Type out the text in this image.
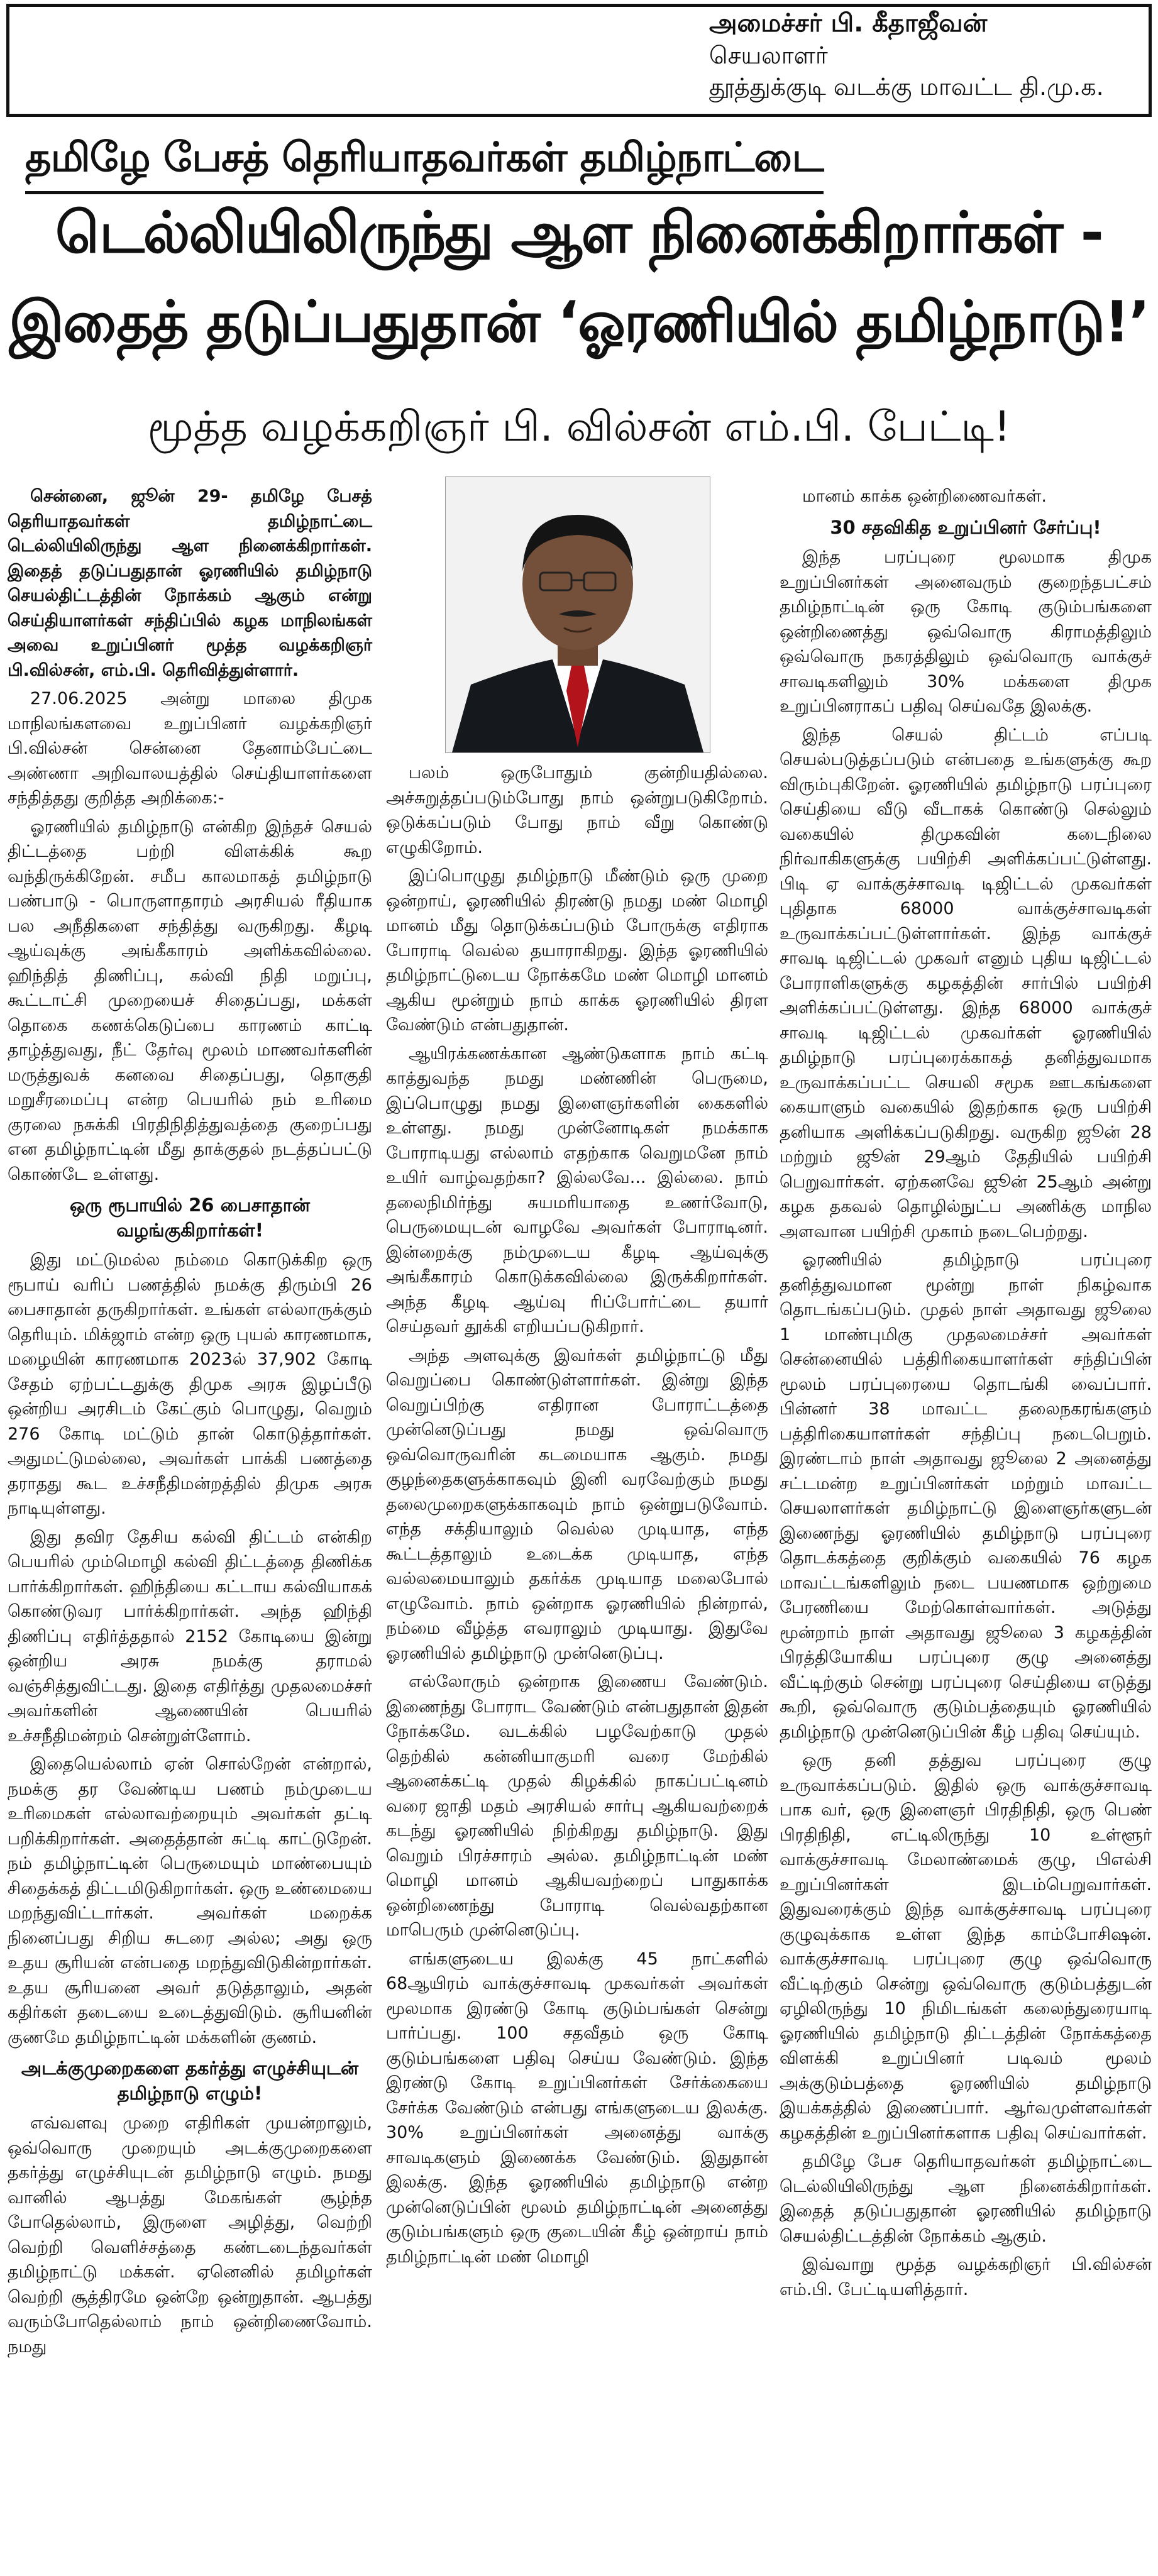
அமைச்சர் பி. கீதாஜீவன்
செயலாளர்
தூத்துக்குடி வடக்கு மாவட்ட தி.மு.க.
தமிழே பேசத் தெரியாதவர்கள் தமிழ்நாட்டை
டெல்லியிலிருந்து ஆள நினைக்கிறார்கள் -
இதைத் தடுப்பதுதான் ‘ஓரணியில் தமிழ்நாடு!’
மூத்த வழக்கறிஞர் பி. வில்சன் எம்.பி. பேட்டி!

சென்னை, ஜூன் 29- தமிழே பேசத் தெரியாதவர்கள் தமிழ்நாட்டை டெல்லியிலிருந்து ஆள நினைக்கிறார்கள். இதைத் தடுப்பதுதான் ஓரணியில் தமிழ்நாடு செயல்திட்டத்தின் நோக்கம் ஆகும் என்று செய்தியாளர்கள் சந்திப்பில் கழக மாநிலங்கள் அவை உறுப்பினர் மூத்த வழக்கறிஞர் பி.வில்சன், எம்.பி. தெரிவித்துள்ளார்.

27.06.2025 அன்று மாலை திமுக மாநிலங்களவை உறுப்பினர் வழக்கறிஞர் பி.வில்சன் சென்னை தேனாம்பேட்டை அண்ணா அறிவாலயத்தில் செய்தியாளர்களை சந்தித்தது குறித்த அறிக்கை:-

ஓரணியில் தமிழ்நாடு என்கிற இந்தச் செயல் திட்டத்தை பற்றி விளக்கிக் கூற வந்திருக்கிறேன். சமீப காலமாகத் தமிழ்நாடு பண்பாடு - பொருளாதாரம் அரசியல் ரீதியாக பல அநீதிகளை சந்தித்து வருகிறது. கீழடி ஆய்வுக்கு அங்கீகாரம் அளிக்கவில்லை. ஹிந்தித் திணிப்பு, கல்வி நிதி மறுப்பு, கூட்டாட்சி முறையைச் சிதைப்பது, மக்கள் தொகை கணக்கெடுப்பை காரணம் காட்டி தாழ்த்துவது, நீட் தேர்வு மூலம் மாணவர்களின் மருத்துவக் கனவை சிதைப்பது, தொகுதி மறுசீரமைப்பு என்ற பெயரில் நம் உரிமை குரலை நசுக்கி பிரதிநிதித்துவத்தை குறைப்பது என தமிழ்நாட்டின் மீது தாக்குதல் நடத்தப்பட்டு கொண்டே உள்ளது.

ஒரு ரூபாயில் 26 பைசாதான் வழங்குகிறார்கள்!

இது மட்டுமல்ல நம்மை கொடுக்கிற ஒரு ரூபாய் வரிப் பணத்தில் நமக்கு திரும்பி 26 பைசாதான் தருகிறார்கள். உங்கள் எல்லாருக்கும் தெரியும். மிக்ஜாம் என்ற ஒரு புயல் காரணமாக, மழையின் காரணமாக 2023ல் 37,902 கோடி சேதம் ஏற்பட்டதுக்கு திமுக அரசு இழப்பீடு ஒன்றிய அரசிடம் கேட்கும் பொழுது, வெறும் 276 கோடி மட்டும் தான் கொடுத்தார்கள். அதுமட்டுமல்லை, அவர்கள் பாக்கி பணத்தை தராதது கூட உச்சநீதிமன்றத்தில் திமுக அரசு நாடியுள்ளது.

இது தவிர தேசிய கல்வி திட்டம் என்கிற பெயரில் மும்மொழி கல்வி திட்டத்தை திணிக்க பார்க்கிறார்கள். ஹிந்தியை கட்டாய கல்வியாகக் கொண்டுவர பார்க்கிறார்கள். அந்த ஹிந்தி திணிப்பு எதிர்த்ததால் 2152 கோடியை இன்று ஒன்றிய அரசு நமக்கு தராமல் வஞ்சித்துவிட்டது. இதை எதிர்த்து முதலமைச்சர் அவர்களின் ஆணையின் பெயரில் உச்சநீதிமன்றம் சென்றுள்ளோம்.

இதையெல்லாம் ஏன் சொல்றேன் என்றால், நமக்கு தர வேண்டிய பணம் நம்முடைய உரிமைகள் எல்லாவற்றையும் அவர்கள் தட்டி பறிக்கிறார்கள். அதைத்தான் சுட்டி காட்டுறேன். நம் தமிழ்நாட்டின் பெருமையும் மாண்பையும் சிதைக்கத் திட்டமிடுகிறார்கள். ஒரு உண்மையை மறந்துவிட்டார்கள். அவர்கள் மறைக்க நினைப்பது சிறிய சுடரை அல்ல; அது ஒரு உதய சூரியன் என்பதை மறந்துவிடுகின்றார்கள். உதய சூரியனை அவர் தடுத்தாலும், அதன் கதிர்கள் தடையை உடைத்துவிடும். சூரியனின் குணமே தமிழ்நாட்டின் மக்களின் குணம்.

அடக்குமுறைகளை தகர்த்து எழுச்சியுடன் தமிழ்நாடு எழும்!

எவ்வளவு முறை எதிரிகள் முயன்றாலும், ஒவ்வொரு முறையும் அடக்குமுறைகளை தகர்த்து எழுச்சியுடன் தமிழ்நாடு எழும். நமது வானில் ஆபத்து மேகங்கள் சூழ்ந்த போதெல்லாம், இருளை அழித்து, வெற்றி வெற்றி வெளிச்சத்தை கண்டடைந்தவர்கள் தமிழ்நாட்டு மக்கள். ஏனெனில் தமிழர்கள் வெற்றி சூத்திரமே ஒன்றே ஒன்றுதான். ஆபத்து வரும்போதெல்லாம் நாம் ஒன்றிணைவோம். நமது

பலம் ஒருபோதும் குன்றியதில்லை. அச்சுறுத்தப்படும்போது நாம் ஒன்றுபடுகிறோம். ஒடுக்கப்படும் போது நாம் வீறு கொண்டு எழுகிறோம்.

இப்பொழுது தமிழ்நாடு மீண்டும் ஒரு முறை ஒன்றாய், ஓரணியில் திரண்டு நமது மண் மொழி மானம் மீது தொடுக்கப்படும் போருக்கு எதிராக போராடி வெல்ல தயாராகிறது. இந்த ஓரணியில் தமிழ்நாட்டுடைய நோக்கமே மண் மொழி மானம் ஆகிய மூன்றும் நாம் காக்க ஓரணியில் திரள வேண்டும் என்பதுதான்.

ஆயிரக்கணக்கான ஆண்டுகளாக நாம் கட்டி காத்துவந்த நமது மண்ணின் பெருமை, இப்பொழுது நமது இளைஞர்களின் கைகளில் உள்ளது. நமது முன்னோடிகள் நமக்காக போராடியது எல்லாம் எதற்காக வெறுமனே நாம் உயிர் வாழ்வதற்கா? இல்லவே... இல்லை. நாம் தலைநிமிர்ந்து சுயமரியாதை உணர்வோடு, பெருமையுடன் வாழவே அவர்கள் போராடினர். இன்றைக்கு நம்முடைய கீழடி ஆய்வுக்கு அங்கீகாரம் கொடுக்கவில்லை இருக்கிறார்கள். அந்த கீழடி ஆய்வு ரிப்போர்ட்டை தயார் செய்தவர் தூக்கி எறியப்படுகிறார்.

அந்த அளவுக்கு இவர்கள் தமிழ்நாட்டு மீது வெறுப்பை கொண்டுள்ளார்கள். இன்று இந்த வெறுப்பிற்கு எதிரான போராட்டத்தை முன்னெடுப்பது நமது ஒவ்வொரு ஒவ்வொருவரின் கடமையாக ஆகும். நமது குழந்தைகளுக்காகவும் இனி வரவேற்கும் நமது தலைமுறைகளுக்காகவும் நாம் ஒன்றுபடுவோம். எந்த சக்தியாலும் வெல்ல முடியாத, எந்த கூட்டத்தாலும் உடைக்க முடியாத, எந்த வல்லமையாலும் தகர்க்க முடியாத மலைபோல் எழுவோம். நாம் ஒன்றாக ஓரணியில் நின்றால், நம்மை வீழ்த்த எவராலும் முடியாது. இதுவே ஓரணியில் தமிழ்நாடு முன்னெடுப்பு.

எல்லோரும் ஒன்றாக இணைய வேண்டும். இணைந்து போராட வேண்டும் என்பதுதான் இதன் நோக்கமே. வடக்கில் பழவேற்காடு முதல் தெற்கில் கன்னியாகுமரி வரை மேற்கில் ஆனைக்கட்டி முதல் கிழக்கில் நாகப்பட்டினம் வரை ஜாதி மதம் அரசியல் சார்பு ஆகியவற்றைக் கடந்து ஓரணியில் நிற்கிறது தமிழ்நாடு. இது வெறும் பிரச்சாரம் அல்ல. தமிழ்நாட்டின் மண் மொழி மானம் ஆகியவற்றைப் பாதுகாக்க ஒன்றிணைந்து போராடி வெல்வதற்கான மாபெரும் முன்னெடுப்பு.

எங்களுடைய இலக்கு 45 நாட்களில் 68ஆயிரம் வாக்குச்சாவடி முகவர்கள் அவர்கள் மூலமாக இரண்டு கோடி குடும்பங்கள் சென்று பார்ப்பது. 100 சதவீதம் ஒரு கோடி குடும்பங்களை பதிவு செய்ய வேண்டும். இந்த இரண்டு கோடி உறுப்பினர்கள் சேர்க்கையை சேர்க்க வேண்டும் என்பது எங்களுடைய இலக்கு. 30% உறுப்பினர்கள் அனைத்து வாக்கு சாவடிகளும் இணைக்க வேண்டும். இதுதான் இலக்கு. இந்த ஓரணியில் தமிழ்நாடு என்ற முன்னெடுப்பின் மூலம் தமிழ்நாட்டின் அனைத்து குடும்பங்களும் ஒரு குடையின் கீழ் ஒன்றாய் நாம் தமிழ்நாட்டின் மண் மொழி

மானம் காக்க ஒன்றிணைவர்கள்.

30 சதவிகித உறுப்பினர் சேர்ப்பு!

இந்த பரப்புரை மூலமாக திமுக உறுப்பினர்கள் அனைவரும் குறைந்தபட்சம் தமிழ்நாட்டின் ஒரு கோடி குடும்பங்களை ஒன்றிணைத்து ஒவ்வொரு கிராமத்திலும் ஒவ்வொரு நகரத்திலும் ஒவ்வொரு வாக்குச் சாவடிகளிலும் 30% மக்களை திமுக உறுப்பினராகப் பதிவு செய்வதே இலக்கு.

இந்த செயல் திட்டம் எப்படி செயல்படுத்தப்படும் என்பதை உங்களுக்கு கூற விரும்புகிறேன். ஓரணியில் தமிழ்நாடு பரப்புரை செய்தியை வீடு வீடாகக் கொண்டு செல்லும் வகையில் திமுகவின் கடைநிலை நிர்வாகிகளுக்கு பயிற்சி அளிக்கப்பட்டுள்ளது. பிடி ஏ வாக்குச்சாவடி டிஜிட்டல் முகவர்கள் புதிதாக 68000 வாக்குச்சாவடிகள் உருவாக்கப்பட்டுள்ளார்கள். இந்த வாக்குச் சாவடி டிஜிட்டல் முகவர் எனும் புதிய டிஜிட்டல் போராளிகளுக்கு கழகத்தின் சார்பில் பயிற்சி அளிக்கப்பட்டுள்ளது. இந்த 68000 வாக்குச் சாவடி டிஜிட்டல் முகவர்கள் ஓரணியில் தமிழ்நாடு பரப்புரைக்காகத் தனித்துவமாக உருவாக்கப்பட்ட செயலி சமூக ஊடகங்களை கையாளும் வகையில் இதற்காக ஒரு பயிற்சி தனியாக அளிக்கப்படுகிறது. வருகிற ஜூன் 28 மற்றும் ஜூன் 29ஆம் தேதியில் பயிற்சி பெறுவார்கள். ஏற்கனவே ஜூன் 25ஆம் அன்று கழக தகவல் தொழில்நுட்ப அணிக்கு மாநில அளவான பயிற்சி முகாம் நடைபெற்றது.

ஓரணியில் தமிழ்நாடு பரப்புரை தனித்துவமான மூன்று நாள் நிகழ்வாக தொடங்கப்படும். முதல் நாள் அதாவது ஜூலை 1 மாண்புமிகு முதலமைச்சர் அவர்கள் சென்னையில் பத்திரிகையாளர்கள் சந்திப்பின் மூலம் பரப்புரையை தொடங்கி வைப்பார். பின்னர் 38 மாவட்ட தலைநகரங்களும் பத்திரிகையாளர்கள் சந்திப்பு நடைபெறும். இரண்டாம் நாள் அதாவது ஜூலை 2 அனைத்து சட்டமன்ற உறுப்பினர்கள் மற்றும் மாவட்ட செயலாளர்கள் தமிழ்நாட்டு இளைஞர்களுடன் இணைந்து ஓரணியில் தமிழ்நாடு பரப்புரை தொடக்கத்தை குறிக்கும் வகையில் 76 கழக மாவட்டங்களிலும் நடை பயணமாக ஒற்றுமை பேரணியை மேற்கொள்வார்கள். அடுத்து மூன்றாம் நாள் அதாவது ஜூலை 3 கழகத்தின் பிரத்தியோகிய பரப்புரை குழு அனைத்து வீட்டிற்கும் சென்று பரப்புரை செய்தியை எடுத்து கூறி, ஒவ்வொரு குடும்பத்தையும் ஓரணியில் தமிழ்நாடு முன்னெடுப்பின் கீழ் பதிவு செய்யும்.

ஒரு தனி தத்துவ பரப்புரை குழு உருவாக்கப்படும். இதில் ஒரு வாக்குச்சாவடி பாக வர், ஒரு இளைஞர் பிரதிநிதி, ஒரு பெண் பிரதிநிதி, எட்டிலிருந்து 10 உள்ளூர் வாக்குச்சாவடி மேலாண்மைக் குழு, பிஎல்சி உறுப்பினர்கள் இடம்பெறுவார்கள். இதுவரைக்கும் இந்த வாக்குச்சாவடி பரப்புரை குழுவுக்காக உள்ள இந்த காம்போசிஷன். வாக்குச்சாவடி பரப்புரை குழு ஒவ்வொரு வீட்டிற்கும் சென்று ஒவ்வொரு குடும்பத்துடன் ஏழிலிருந்து 10 நிமிடங்கள் கலைந்துரையாடி ஓரணியில் தமிழ்நாடு திட்டத்தின் நோக்கத்தை விளக்கி உறுப்பினர் படிவம் மூலம் அக்குடும்பத்தை ஓரணியில் தமிழ்நாடு இயக்கத்தில் இணைப்பார். ஆர்வமுள்ளவர்கள் கழகத்தின் உறுப்பினர்களாக பதிவு செய்வார்கள்.

தமிழே பேச தெரியாதவர்கள் தமிழ்நாட்டை டெல்லியிலிருந்து ஆள நினைக்கிறார்கள். இதைத் தடுப்பதுதான் ஓரணியில் தமிழ்நாடு செயல்திட்டத்தின் நோக்கம் ஆகும்.

இவ்வாறு மூத்த வழக்கறிஞர் பி.வில்சன் எம்.பி. பேட்டியளித்தார்.
